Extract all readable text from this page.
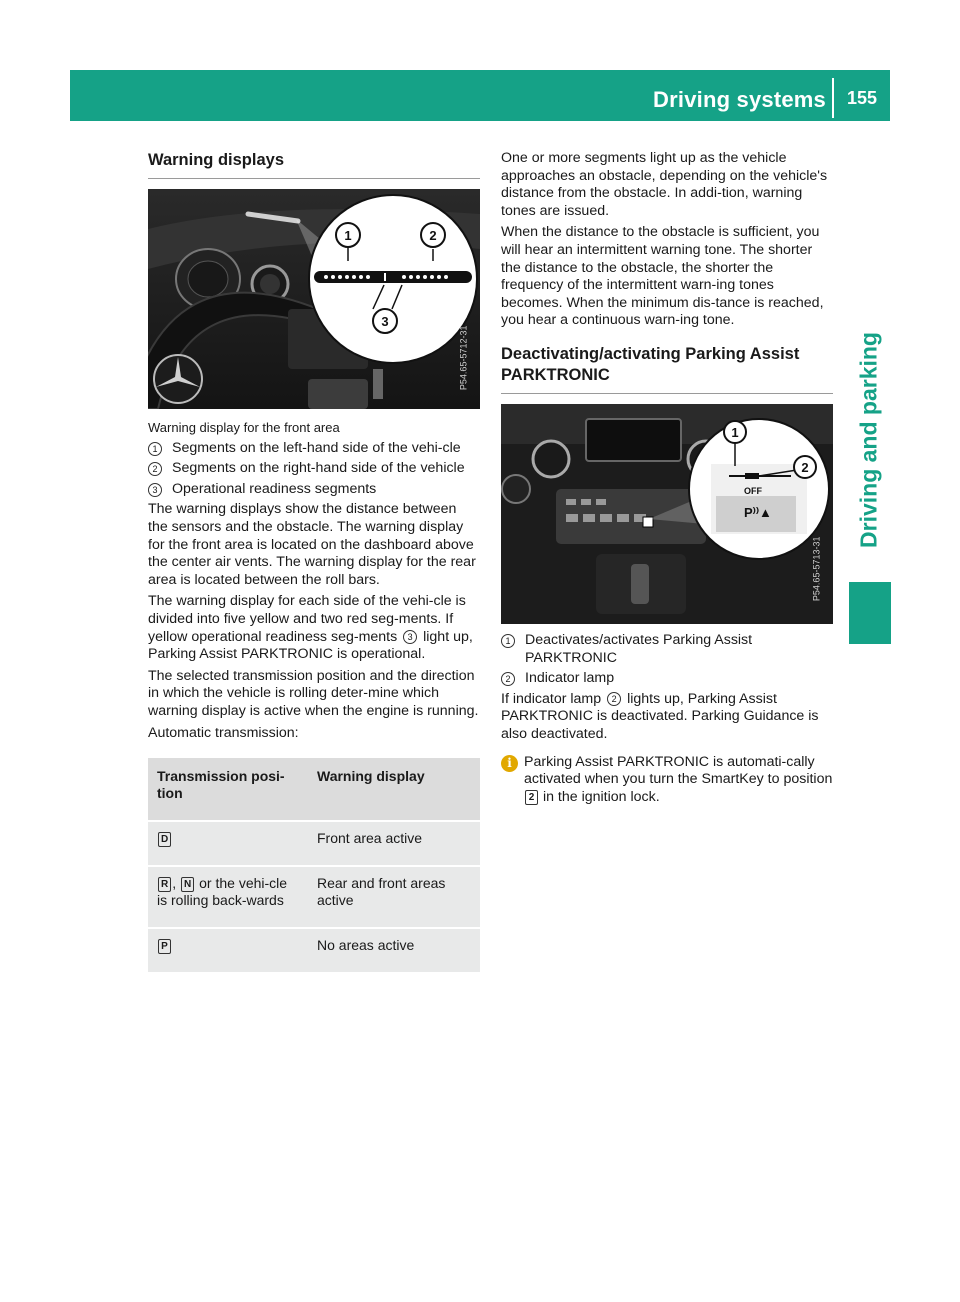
Driving systems	155
Driving and parking
Warning displays
1	2
3
P54.65-5712-31
Warning display for the front area
1	Segments on the left-hand side of the vehi-cle
2	Segments on the right-hand side of the vehicle
3	Operational readiness segments

The warning displays show the distance between the sensors and the obstacle. The warning display for the front area is located on the dashboard above the center air vents. The warning display for the rear area is located between the roll bars.

The warning display for each side of the vehi-cle is divided into five yellow and two red seg-ments. If yellow operational readiness seg-ments 3 light up, Parking Assist PARKTRONIC is operational.

The selected transmission position and the direction in which the vehicle is rolling deter-mine which warning display is active when the engine is running.

Automatic transmission:

Transmission posi-tion	Warning display
D	Front area active
R , N or the vehi-cle is rolling back-wards	Rear and front areas active
P	No areas active

One or more segments light up as the vehicle approaches an obstacle, depending on the vehicle's distance from the obstacle. In addi-tion, warning tones are issued.

When the distance to the obstacle is sufficient, you will hear an intermittent warning tone. The shorter the distance to the obstacle, the shorter the frequency of the intermittent warn-ing tones becomes. When the minimum dis-tance is reached, you hear a continuous warn-ing tone.

Deactivating/activating Parking Assist PARKTRONIC
OFF
P⁾⁾▲
1
2
P54.65-5713-31
1	Deactivates/activates Parking Assist PARKTRONIC
2	Indicator lamp

If indicator lamp 2 lights up, Parking Assist PARKTRONIC is deactivated. Parking Guidance is also deactivated.

i Parking Assist PARKTRONIC is automati-cally activated when you turn the SmartKey to position 2 in the ignition lock.
